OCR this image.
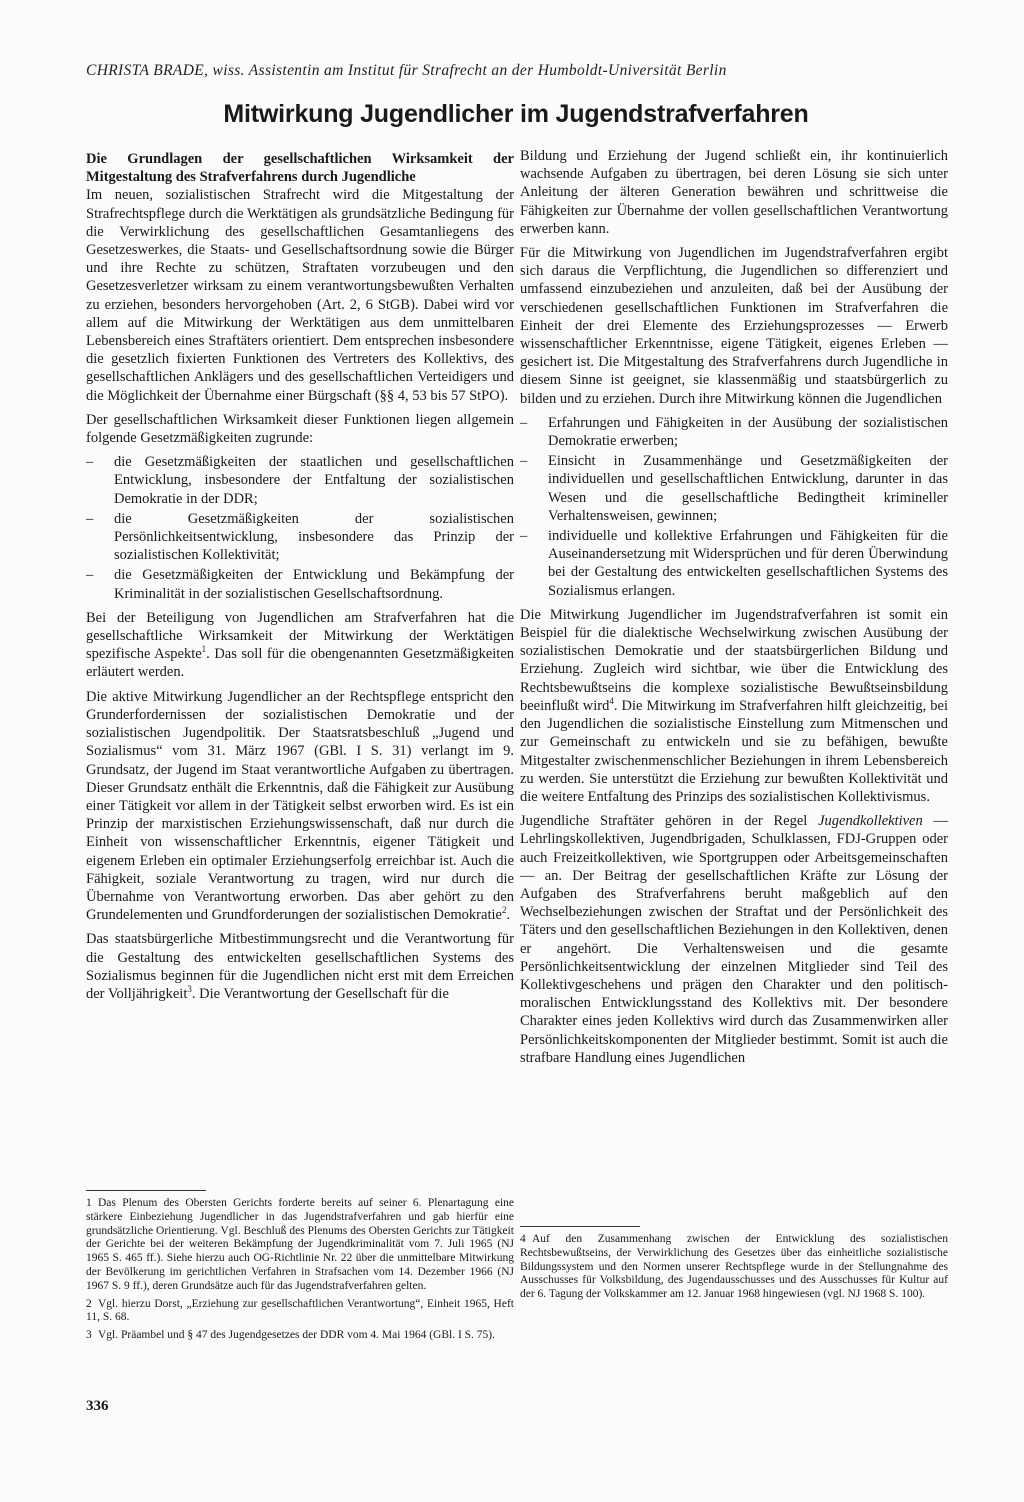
CHRISTA BRADE, wiss. Assistentin am Institut für Strafrecht an der Humboldt-Universität Berlin
Mitwirkung Jugendlicher im Jugendstrafverfahren

Die Grundlagen der gesellschaftlichen Wirksamkeit der Mitgestaltung des Strafverfahrens durch Jugendliche

Im neuen, sozialistischen Strafrecht wird die Mitgestaltung der Strafrechtspflege durch die Werktätigen als grundsätzliche Bedingung für die Verwirklichung des gesellschaftlichen Gesamtanliegens des Gesetzeswerkes, die Staats- und Gesellschaftsordnung sowie die Bürger und ihre Rechte zu schützen, Straftaten vorzubeugen und den Gesetzesverletzer wirksam zu einem verantwortungsbewußten Verhalten zu erziehen, besonders hervorgehoben (Art. 2, 6 StGB). Dabei wird vor allem auf die Mitwirkung der Werktätigen aus dem unmittelbaren Lebensbereich eines Straftäters orientiert. Dem entsprechen insbesondere die gesetzlich fixierten Funktionen des Vertreters des Kollektivs, des gesellschaftlichen Anklägers und des gesellschaftlichen Verteidigers und die Möglichkeit der Übernahme einer Bürgschaft (§§ 4, 53 bis 57 StPO).

Der gesellschaftlichen Wirksamkeit dieser Funktionen liegen allgemein folgende Gesetzmäßigkeiten zugrunde:

– die Gesetzmäßigkeiten der staatlichen und gesellschaftlichen Entwicklung, insbesondere der Entfaltung der sozialistischen Demokratie in der DDR;
– die Gesetzmäßigkeiten der sozialistischen Persönlichkeitsentwicklung, insbesondere das Prinzip der sozialistischen Kollektivität;
– die Gesetzmäßigkeiten der Entwicklung und Bekämpfung der Kriminalität in der sozialistischen Gesellschaftsordnung.

Bei der Beteiligung von Jugendlichen am Strafverfahren hat die gesellschaftliche Wirksamkeit der Mitwirkung der Werktätigen spezifische Aspekte$^1$. Das soll für die obengenannten Gesetzmäßigkeiten erläutert werden.

Die aktive Mitwirkung Jugendlicher an der Rechtspflege entspricht den Grunderfordernissen der sozialistischen Demokratie und der sozialistischen Jugendpolitik. Der Staatsratsbeschluß „Jugend und Sozialismus“ vom 31. März 1967 (GBl. I S. 31) verlangt im 9. Grundsatz, der Jugend im Staat verantwortliche Aufgaben zu übertragen. Dieser Grundsatz enthält die Erkenntnis, daß die Fähigkeit zur Ausübung einer Tätigkeit vor allem in der Tätigkeit selbst erworben wird. Es ist ein Prinzip der marxistischen Erziehungswissenschaft, daß nur durch die Einheit von wissenschaftlicher Erkenntnis, eigener Tätigkeit und eigenem Erleben ein optimaler Erziehungserfolg erreichbar ist. Auch die Fähigkeit, soziale Verantwortung zu tragen, wird nur durch die Übernahme von Verantwortung erworben. Das aber gehört zu den Grundelementen und Grundforderungen der sozialistischen Demokratie$^2$.

Das staatsbürgerliche Mitbestimmungsrecht und die Verantwortung für die Gestaltung des entwickelten gesellschaftlichen Systems des Sozialismus beginnen für die Jugendlichen nicht erst mit dem Erreichen der Volljährigkeit$^3$. Die Verantwortung der Gesellschaft für die

Bildung und Erziehung der Jugend schließt ein, ihr kontinuierlich wachsende Aufgaben zu übertragen, bei deren Lösung sie sich unter Anleitung der älteren Generation bewähren und schrittweise die Fähigkeiten zur Übernahme der vollen gesellschaftlichen Verantwortung erwerben kann.

Für die Mitwirkung von Jugendlichen im Jugendstrafverfahren ergibt sich daraus die Verpflichtung, die Jugendlichen so differenziert und umfassend einzubeziehen und anzuleiten, daß bei der Ausübung der verschiedenen gesellschaftlichen Funktionen im Strafverfahren die Einheit der drei Elemente des Erziehungsprozesses — Erwerb wissenschaftlicher Erkenntnisse, eigene Tätigkeit, eigenes Erleben — gesichert ist. Die Mitgestaltung des Strafverfahrens durch Jugendliche in diesem Sinne ist geeignet, sie klassenmäßig und staatsbürgerlich zu bilden und zu erziehen. Durch ihre Mitwirkung können die Jugendlichen

– Erfahrungen und Fähigkeiten in der Ausübung der sozialistischen Demokratie erwerben;
– Einsicht in Zusammenhänge und Gesetzmäßigkeiten der individuellen und gesellschaftlichen Entwicklung, darunter in das Wesen und die gesellschaftliche Bedingtheit krimineller Verhaltensweisen, gewinnen;
– individuelle und kollektive Erfahrungen und Fähigkeiten für die Auseinandersetzung mit Widersprüchen und für deren Überwindung bei der Gestaltung des entwickelten gesellschaftlichen Systems des Sozialismus erlangen.

Die Mitwirkung Jugendlicher im Jugendstrafverfahren ist somit ein Beispiel für die dialektische Wechselwirkung zwischen Ausübung der sozialistischen Demokratie und der staatsbürgerlichen Bildung und Erziehung. Zugleich wird sichtbar, wie über die Entwicklung des Rechtsbewußtseins die komplexe sozialistische Bewußtseinsbildung beeinflußt wird$^4$. Die Mitwirkung im Strafverfahren hilft gleichzeitig, bei den Jugendlichen die sozialistische Einstellung zum Mitmenschen und zur Gemeinschaft zu entwickeln und sie zu befähigen, bewußte Mitgestalter zwischenmenschlicher Beziehungen in ihrem Lebensbereich zu werden. Sie unterstützt die Erziehung zur bewußten Kollektivität und die weitere Entfaltung des Prinzips des sozialistischen Kollektivismus.

Jugendliche Straftäter gehören in der Regel Jugendkollektiven — Lehrlingskollektiven, Jugendbrigaden, Schulklassen, FDJ-Gruppen oder auch Freizeitkollektiven, wie Sportgruppen oder Arbeitsgemeinschaften — an. Der Beitrag der gesellschaftlichen Kräfte zur Lösung der Aufgaben des Strafverfahrens beruht maßgeblich auf den Wechselbeziehungen zwischen der Straftat und der Persönlichkeit des Täters und den gesellschaftlichen Beziehungen in den Kollektiven, denen er angehört. Die Verhaltensweisen und die gesamte Persönlichkeitsentwicklung der einzelnen Mitglieder sind Teil des Kollektivgeschehens und prägen den Charakter und den politisch-moralischen Entwicklungsstand des Kollektivs mit. Der besondere Charakter eines jeden Kollektivs wird durch das Zusammenwirken aller Persönlichkeitskomponenten der Mitglieder bestimmt. Somit ist auch die strafbare Handlung eines Jugendlichen

1 Das Plenum des Obersten Gerichts forderte bereits auf seiner 6. Plenartagung eine stärkere Einbeziehung Jugendlicher in das Jugendstrafverfahren und gab hierfür eine grundsätzliche Orientierung. Vgl. Beschluß des Plenums des Obersten Gerichts zur Tätigkeit der Gerichte bei der weiteren Bekämpfung der Jugendkriminalität vom 7. Juli 1965 (NJ 1965 S. 465 ff.). Siehe hierzu auch OG-Richtlinie Nr. 22 über die unmittelbare Mitwirkung der Bevölkerung im gerichtlichen Verfahren in Strafsachen vom 14. Dezember 1966 (NJ 1967 S. 9 ff.), deren Grundsätze auch für das Jugendstrafverfahren gelten.

2 Vgl. hierzu Dorst, „Erziehung zur gesellschaftlichen Verantwortung“, Einheit 1965, Heft 11, S. 68.

3 Vgl. Präambel und § 47 des Jugendgesetzes der DDR vom 4. Mai 1964 (GBl. I S. 75).

4 Auf den Zusammenhang zwischen der Entwicklung des sozialistischen Rechtsbewußtseins, der Verwirklichung des Gesetzes über das einheitliche sozialistische Bildungssystem und den Normen unserer Rechtspflege wurde in der Stellungnahme des Ausschusses für Volksbildung, des Jugendausschusses und des Ausschusses für Kultur auf der 6. Tagung der Volkskammer am 12. Januar 1968 hingewiesen (vgl. NJ 1968 S. 100).

336
